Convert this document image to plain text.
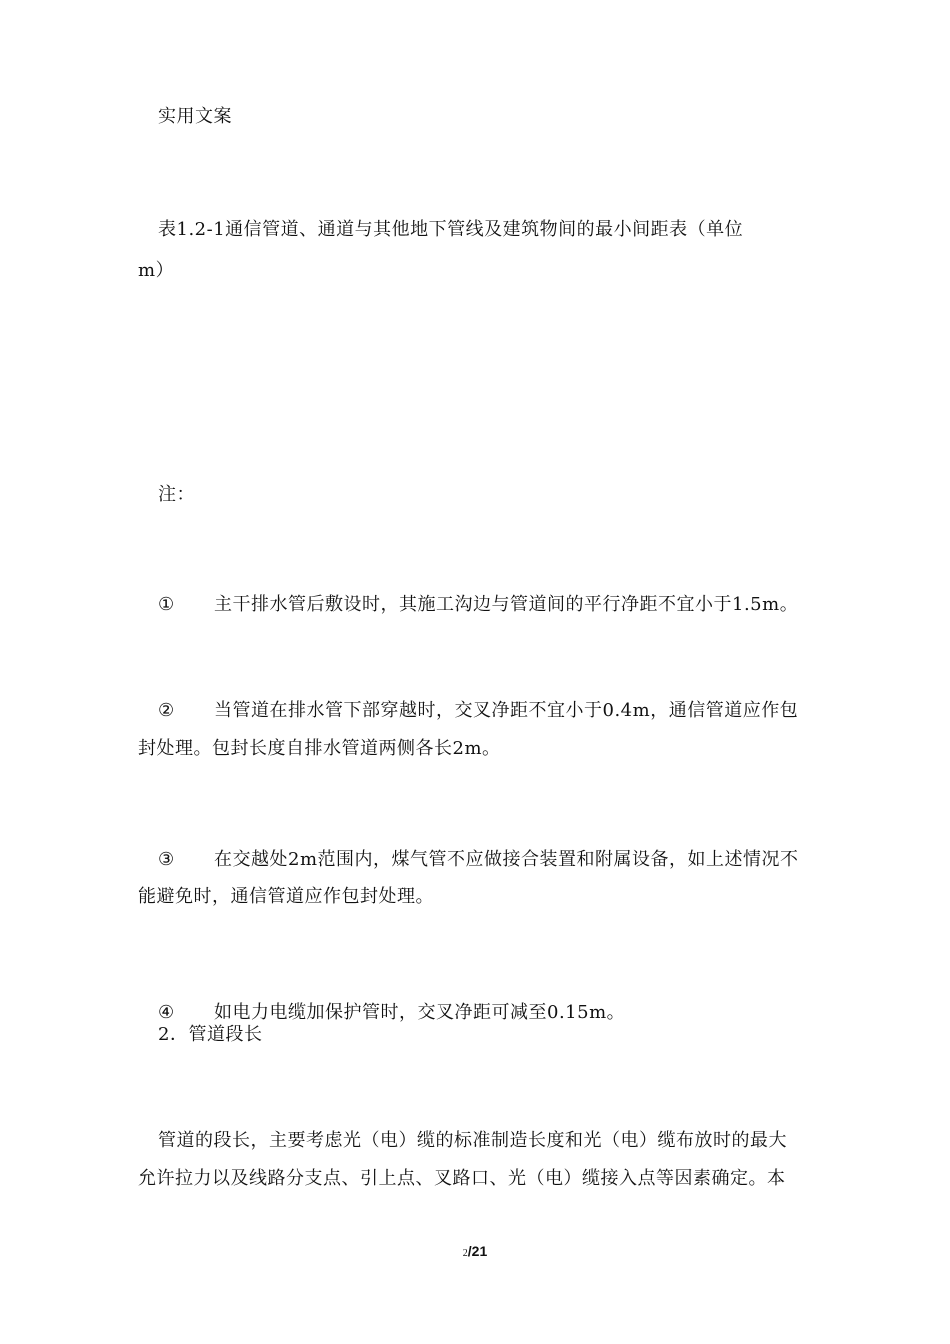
实用文案
表1.2-1通信管道、通道与其他地下管线及建筑物间的最小间距表（单位
m）
注：
① 主干排水管后敷设时，其施工沟边与管道间的平行净距不宜小于1.5m。
② 当管道在排水管下部穿越时，交叉净距不宜小于0.4m，通信管道应作包
封处理。包封长度自排水管道两侧各长2m。
③ 在交越处2m范围内，煤气管不应做接合装置和附属设备，如上述情况不
能避免时，通信管道应作包封处理。
④ 如电力电缆加保护管时，交叉净距可减至0.15m。
2．管道段长
管道的段长，主要考虑光（电）缆的标准制造长度和光（电）缆布放时的最大
允许拉力以及线路分支点、引上点、叉路口、光（电）缆接入点等因素确定。本
2/21
